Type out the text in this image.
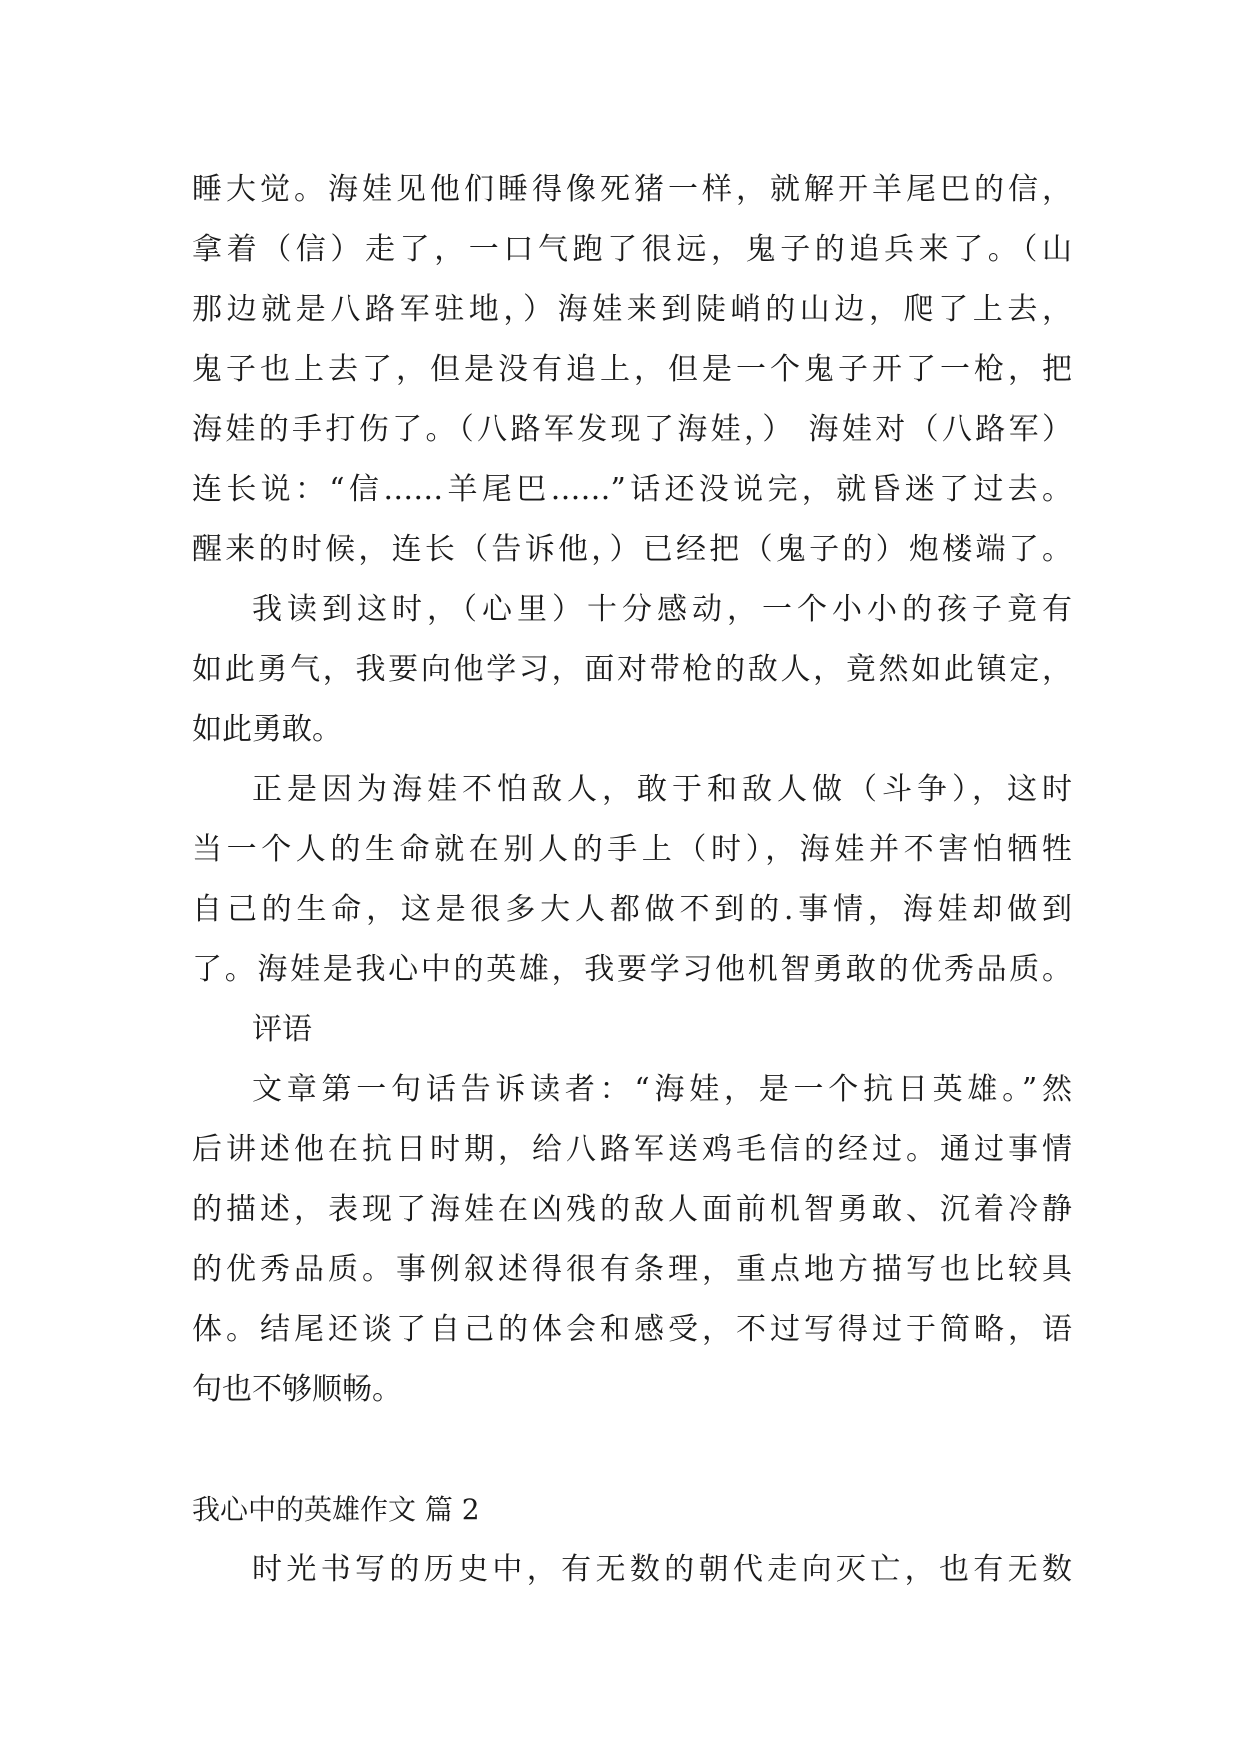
睡大觉。海娃见他们睡得像死猪一样，就解开羊尾巴的信，
拿着（信）走了，一口气跑了很远，鬼子的追兵来了。（山
那边就是八路军驻地，）海娃来到陡峭的山边，爬了上去，
鬼子也上去了，但是没有追上，但是一个鬼子开了一枪，把
海娃的手打伤了。（八路军发现了海娃，） 海娃对（八路军）
连长说：“信……羊尾巴……”话还没说完，就昏迷了过去。
醒来的时候，连长（告诉他，）已经把（鬼子的）炮楼端了。
我读到这时，（心里）十分感动，一个小小的孩子竟有
如此勇气，我要向他学习，面对带枪的敌人，竟然如此镇定，
如此勇敢。
正是因为海娃不怕敌人，敢于和敌人做（斗争），这时
当一个人的生命就在别人的手上（时），海娃并不害怕牺牲
自己的生命，这是很多大人都做不到的.事情，海娃却做到
了。海娃是我心中的英雄，我要学习他机智勇敢的优秀品质。

评语

文章第一句话告诉读者：“海娃，是一个抗日英雄。”然
后讲述他在抗日时期，给八路军送鸡毛信的经过。通过事情
的描述，表现了海娃在凶残的敌人面前机智勇敢、沉着冷静
的优秀品质。事例叙述得很有条理，重点地方描写也比较具
体。结尾还谈了自己的体会和感受，不过写得过于简略，语
句也不够顺畅。

我心中的英雄作文 篇 2

时光书写的历史中，有无数的朝代走向灭亡，也有无数
